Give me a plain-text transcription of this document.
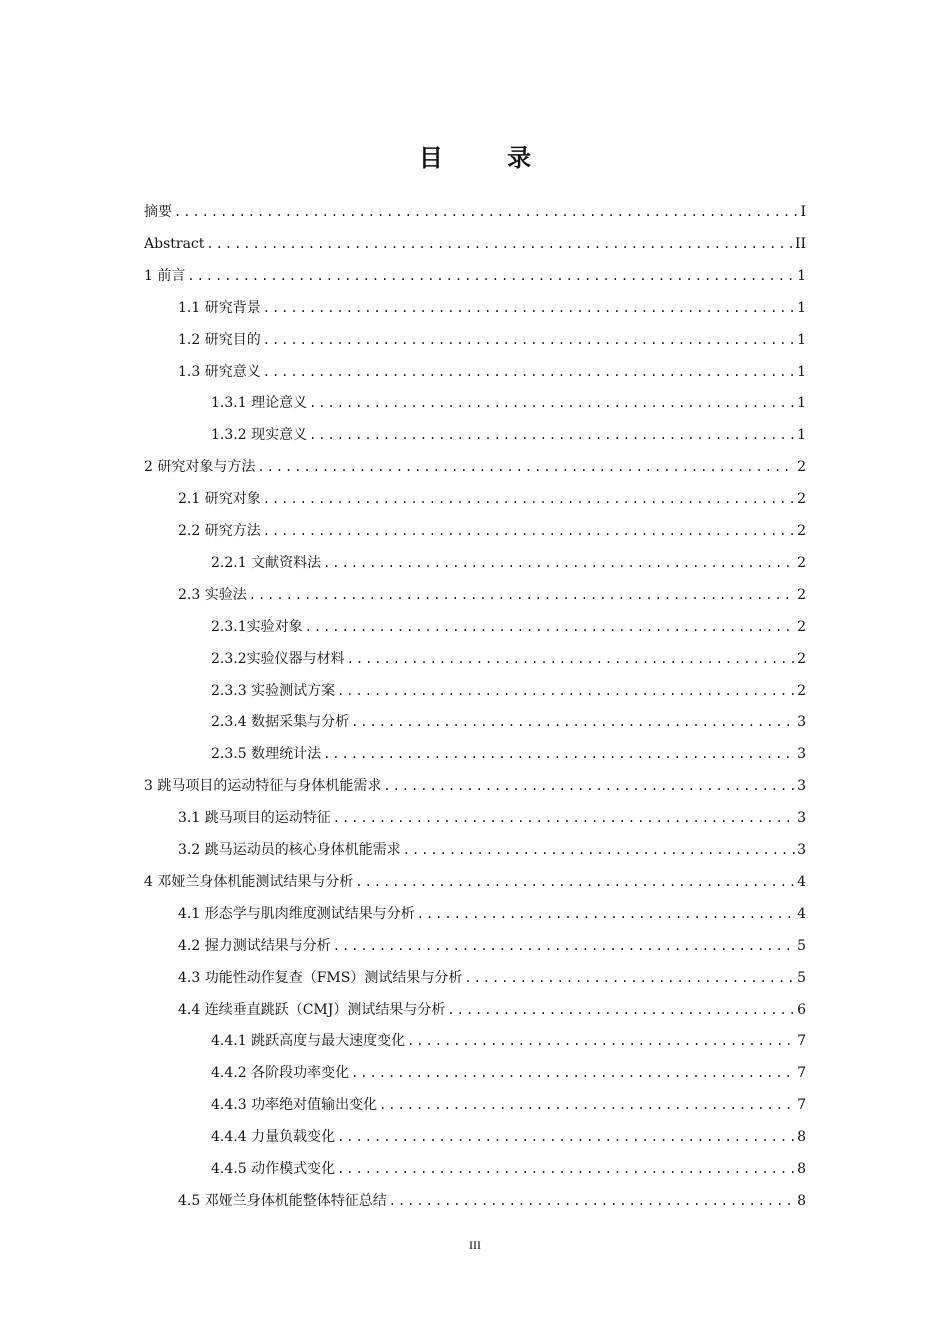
目 录
摘要 .....	I
Abstract .....	II
1 前言 .....	1
1.1 研究背景 .....	1
1.2 研究目的 .....	1
1.3 研究意义 .....	1
1.3.1 理论意义 .....	1
1.3.2 现实意义 .....	1
2 研究对象与方法 .....	2
2.1 研究对象 .....	2
2.2 研究方法 .....	2
2.2.1 文献资料法 .....	2
2.3 实验法 .....	2
2.3.1实验对象 .....	2
2.3.2实验仪器与材料 .....	2
2.3.3 实验测试方案 .....	2
2.3.4 数据采集与分析 .....	3
2.3.5 数理统计法 .....	3
3 跳马项目的运动特征与身体机能需求 .....	3
3.1 跳马项目的运动特征 .....	3
3.2 跳马运动员的核心身体机能需求 .....	3
4 邓娅兰身体机能测试结果与分析 .....	4
4.1 形态学与肌肉维度测试结果与分析 .....	4
4.2 握力测试结果与分析 .....	5
4.3 功能性动作复查（FMS）测试结果与分析 .....	5
4.4 连续垂直跳跃（CMJ）测试结果与分析 .....	6
4.4.1 跳跃高度与最大速度变化 .....	7
4.4.2 各阶段功率变化 .....	7
4.4.3 功率绝对值输出变化 .....	7
4.4.4 力量负载变化 .....	8
4.4.5 动作模式变化 .....	8
4.5 邓娅兰身体机能整体特征总结 .....	8
III
